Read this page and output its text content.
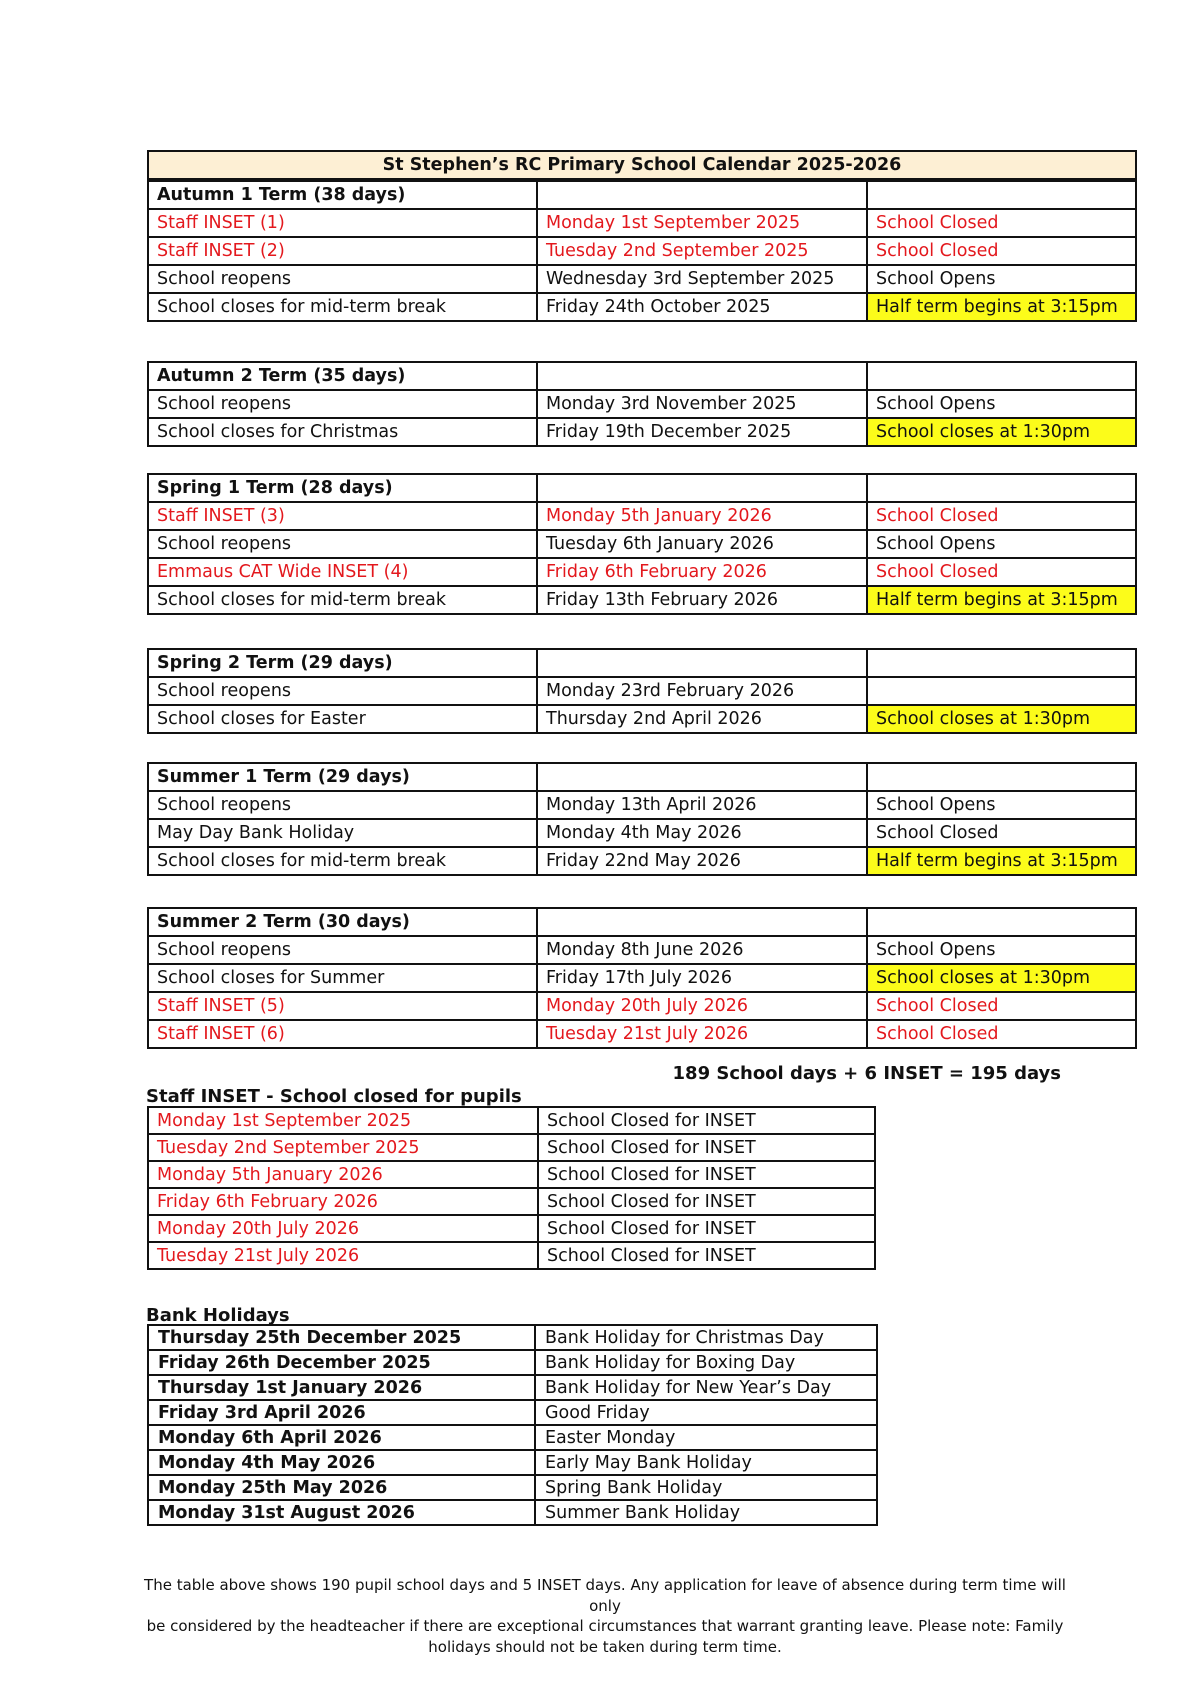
St Stephen’s RC Primary School Calendar 2025-2026
Autumn 1 Term (38 days)		
Staff INSET (1)	Monday 1st September 2025	School Closed
Staff INSET (2)	Tuesday 2nd September 2025	School Closed
School reopens	Wednesday 3rd September 2025	School Opens
School closes for mid-term break	Friday 24th October 2025	Half term begins at 3:15pm
Autumn 2 Term (35 days)		
School reopens	Monday 3rd November 2025	School Opens
School closes for Christmas	Friday 19th December 2025	School closes at 1:30pm
Spring 1 Term (28 days)		
Staff INSET (3)	Monday 5th January 2026	School Closed
School reopens	Tuesday 6th January 2026	School Opens
Emmaus CAT Wide INSET (4)	Friday 6th February 2026	School Closed
School closes for mid-term break	Friday 13th February 2026	Half term begins at 3:15pm
Spring 2 Term (29 days)		
School reopens	Monday 23rd February 2026	
School closes for Easter	Thursday 2nd April 2026	School closes at 1:30pm
Summer 1 Term (29 days)		
School reopens	Monday 13th April 2026	School Opens
May Day Bank Holiday	Monday 4th May 2026	School Closed
School closes for mid-term break	Friday 22nd May 2026	Half term begins at 3:15pm
Summer 2 Term (30 days)		
School reopens	Monday 8th June 2026	School Opens
School closes for Summer	Friday 17th July 2026	School closes at 1:30pm
Staff INSET (5)	Monday 20th July 2026	School Closed
Staff INSET (6)	Tuesday 21st July 2026	School Closed
189 School days + 6 INSET = 195 days
Staff INSET - School closed for pupils
Monday 1st September 2025	School Closed for INSET
Tuesday 2nd September 2025	School Closed for INSET
Monday 5th January 2026	School Closed for INSET
Friday 6th February 2026	School Closed for INSET
Monday 20th July 2026	School Closed for INSET
Tuesday 21st July 2026	School Closed for INSET
Bank Holidays
Thursday 25th December 2025	Bank Holiday for Christmas Day
Friday 26th December 2025	Bank Holiday for Boxing Day
Thursday 1st January 2026	Bank Holiday for New Year’s Day
Friday 3rd April 2026	Good Friday
Monday 6th April 2026	Easter Monday
Monday 4th May 2026	Early May Bank Holiday
Monday 25th May 2026	Spring Bank Holiday
Monday 31st August 2026	Summer Bank Holiday
The table above shows 190 pupil school days and 5 INSET days. Any application for leave of absence during term time will only
be considered by the headteacher if there are exceptional circumstances that warrant granting leave. Please note: Family
holidays should not be taken during term time.
